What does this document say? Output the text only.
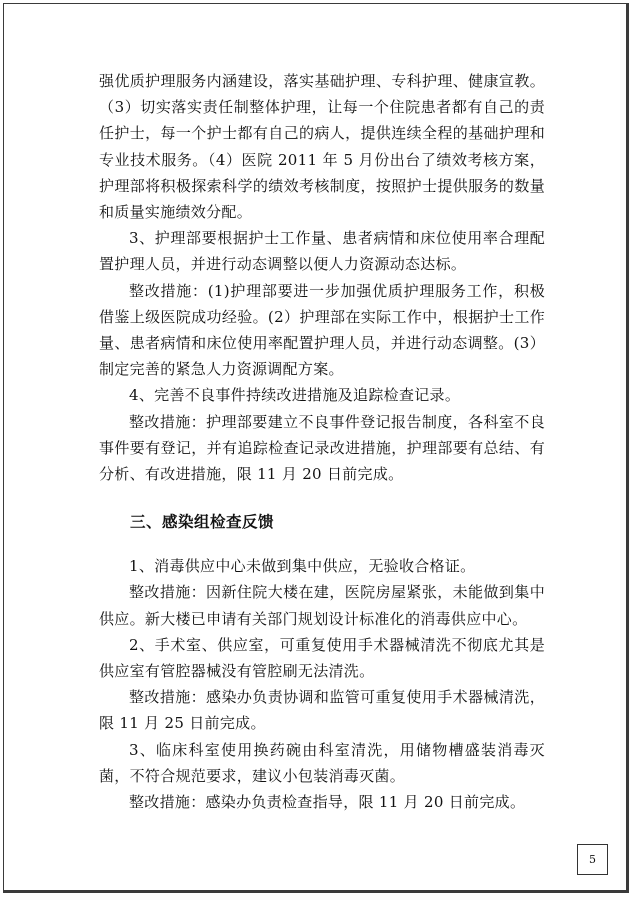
强优质护理服务内涵建设，落实基础护理、专科护理、健康宣教。（3）切实落实责任制整体护理，让每一个住院患者都有自己的责任护士，每一个护士都有自己的病人，提供连续全程的基础护理和专业技术服务。（4）医院 2011 年 5 月份出台了绩效考核方案，护理部将积极探索科学的绩效考核制度，按照护士提供服务的数量和质量实施绩效分配。

3、护理部要根据护士工作量、患者病情和床位使用率合理配置护理人员，并进行动态调整以便人力资源动态达标。

整改措施：(1)护理部要进一步加强优质护理服务工作，积极借鉴上级医院成功经验。(2）护理部在实际工作中，根据护士工作量、患者病情和床位使用率配置护理人员，并进行动态调整。(3）制定完善的紧急人力资源调配方案。

4、完善不良事件持续改进措施及追踪检查记录。

整改措施：护理部要建立不良事件登记报告制度，各科室不良事件要有登记，并有追踪检查记录改进措施，护理部要有总结、有分析、有改进措施，限 11 月 20 日前完成。

三、感染组检查反馈

1、消毒供应中心未做到集中供应，无验收合格证。

整改措施：因新住院大楼在建，医院房屋紧张，未能做到集中供应。新大楼已申请有关部门规划设计标准化的消毒供应中心。

2、手术室、供应室，可重复使用手术器械清洗不彻底尤其是供应室有管腔器械没有管腔刷无法清洗。

整改措施：感染办负责协调和监管可重复使用手术器械清洗，限 11 月 25 日前完成。

3、临床科室使用换药碗由科室清洗，用储物槽盛装消毒灭菌，不符合规范要求，建议小包装消毒灭菌。

整改措施：感染办负责检查指导，限 11 月 20 日前完成。

5
